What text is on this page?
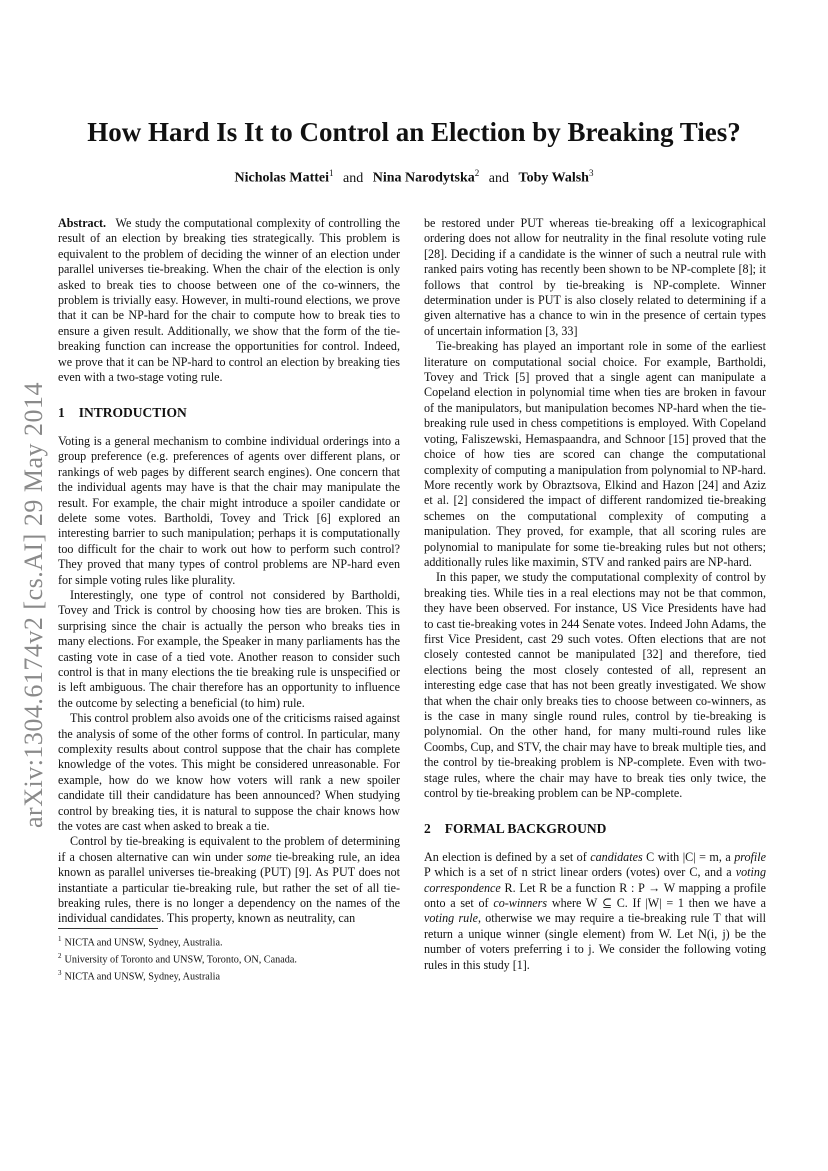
arXiv:1304.6174v2 [cs.AI] 29 May 2014
How Hard Is It to Control an Election by Breaking Ties?
Nicholas Mattei$^1$ and Nina Narodytska$^2$ and Toby Walsh$^3$

Abstract. We study the computational complexity of controlling the result of an election by breaking ties strategically. This problem is equivalent to the problem of deciding the winner of an election under parallel universes tie-breaking. When the chair of the election is only asked to break ties to choose between one of the co-winners, the problem is trivially easy. However, in multi-round elections, we prove that it can be NP-hard for the chair to compute how to break ties to ensure a given result. Additionally, we show that the form of the tie-breaking function can increase the opportunities for control. Indeed, we prove that it can be NP-hard to control an election by breaking ties even with a two-stage voting rule.

1 INTRODUCTION

Voting is a general mechanism to combine individual orderings into a group preference (e.g. preferences of agents over different plans, or rankings of web pages by different search engines). One concern that the individual agents may have is that the chair may manipulate the result. For example, the chair might introduce a spoiler candidate or delete some votes. Bartholdi, Tovey and Trick [6] explored an interesting barrier to such manipulation; perhaps it is computationally too difficult for the chair to work out how to perform such control? They proved that many types of control problems are NP-hard even for simple voting rules like plurality.

Interestingly, one type of control not considered by Bartholdi, Tovey and Trick is control by choosing how ties are broken. This is surprising since the chair is actually the person who breaks ties in many elections. For example, the Speaker in many parliaments has the casting vote in case of a tied vote. Another reason to consider such control is that in many elections the tie breaking rule is unspecified or is left ambiguous. The chair therefore has an opportunity to influence the outcome by selecting a beneficial (to him) rule.

This control problem also avoids one of the criticisms raised against the analysis of some of the other forms of control. In particular, many complexity results about control suppose that the chair has complete knowledge of the votes. This might be considered unreasonable. For example, how do we know how voters will rank a new spoiler candidate till their candidature has been announced? When studying control by breaking ties, it is natural to suppose the chair knows how the votes are cast when asked to break a tie.

Control by tie-breaking is equivalent to the problem of determining if a chosen alternative can win under some tie-breaking rule, an idea known as parallel universes tie-breaking (PUT) [9]. As PUT does not instantiate a particular tie-breaking rule, but rather the set of all tie-breaking rules, there is no longer a dependency on the names of the individual candidates. This property, known as neutrality, can

$^1$ NICTA and UNSW, Sydney, Australia.
$^2$ University of Toronto and UNSW, Toronto, ON, Canada.
$^3$ NICTA and UNSW, Sydney, Australia

be restored under PUT whereas tie-breaking off a lexicographical ordering does not allow for neutrality in the final resolute voting rule [28]. Deciding if a candidate is the winner of such a neutral rule with ranked pairs voting has recently been shown to be NP-complete [8]; it follows that control by tie-breaking is NP-complete. Winner determination under is PUT is also closely related to determining if a given alternative has a chance to win in the presence of certain types of uncertain information [3, 33]

Tie-breaking has played an important role in some of the earliest literature on computational social choice. For example, Bartholdi, Tovey and Trick [5] proved that a single agent can manipulate a Copeland election in polynomial time when ties are broken in favour of the manipulators, but manipulation becomes NP-hard when the tie-breaking rule used in chess competitions is employed. With Copeland voting, Faliszewski, Hemaspaandra, and Schnoor [15] proved that the choice of how ties are scored can change the computational complexity of computing a manipulation from polynomial to NP-hard. More recently work by Obraztsova, Elkind and Hazon [24] and Aziz et al. [2] considered the impact of different randomized tie-breaking schemes on the computational complexity of computing a manipulation. They proved, for example, that all scoring rules are polynomial to manipulate for some tie-breaking rules but not others; additionally rules like maximin, STV and ranked pairs are NP-hard.

In this paper, we study the computational complexity of control by breaking ties. While ties in a real elections may not be that common, they have been observed. For instance, US Vice Presidents have had to cast tie-breaking votes in 244 Senate votes. Indeed John Adams, the first Vice President, cast 29 such votes. Often elections that are not closely contested cannot be manipulated [32] and therefore, tied elections being the most closely contested of all, represent an interesting edge case that has not been greatly investigated. We show that when the chair only breaks ties to choose between co-winners, as is the case in many single round rules, control by tie-breaking is polynomial. On the other hand, for many multi-round rules like Coombs, Cup, and STV, the chair may have to break multiple ties, and the control by tie-breaking problem is NP-complete. Even with two-stage rules, where the chair may have to break ties only twice, the control by tie-breaking problem can be NP-complete.

2 FORMAL BACKGROUND

An election is defined by a set of candidates C with |C| = m, a profile P which is a set of n strict linear orders (votes) over C, and a voting correspondence R. Let R be a function R : P → W mapping a profile onto a set of co-winners where W ⊆ C. If |W| = 1 then we have a voting rule, otherwise we may require a tie-breaking rule T that will return a unique winner (single element) from W. Let N(i, j) be the number of voters preferring i to j. We consider the following voting rules in this study [1].
